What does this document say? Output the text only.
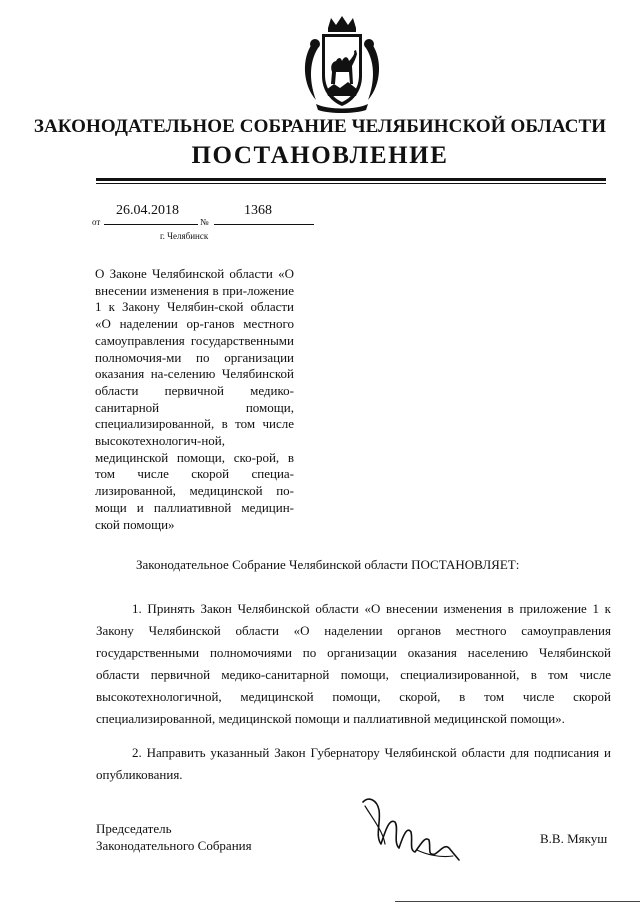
ЗАКОНОДАТЕЛЬНОЕ СОБРАНИЕ ЧЕЛЯБИНСКОЙ ОБЛАСТИ
ПОСТАНОВЛЕНИЕ
от
26.04.2018
№
1368
г. Челябинск
О Законе Челябинской области «О внесении изменения в при-ложение 1 к Закону Челябин-ской области «О наделении ор-ганов местного самоуправления государственными полномочия-ми по организации оказания на-селению Челябинской области первичной медико-санитарной помощи, специализированной, в том числе высокотехнологич-ной, медицинской помощи, ско-рой, в том числе скорой специа-лизированной, медицинской по-мощи и паллиативной медицин-ской помощи»
Законодательное Собрание Челябинской области ПОСТАНОВЛЯЕТ:
1. Принять Закон Челябинской области «О внесении изменения в приложение 1 к Закону Челябинской области «О наделении органов местного самоуправления государственными полномочиями по организации оказания населению Челябинской области первичной медико-санитарной помощи, специализированной, в том числе высокотехнологичной, медицинской помощи, скорой, в том числе скорой специализированной, медицинской помощи и паллиативной медицинской помощи».
2. Направить указанный Закон Губернатору Челябинской области для подписания и опубликования.
Председатель
Законодательного Собрания	В.В. Мякуш
